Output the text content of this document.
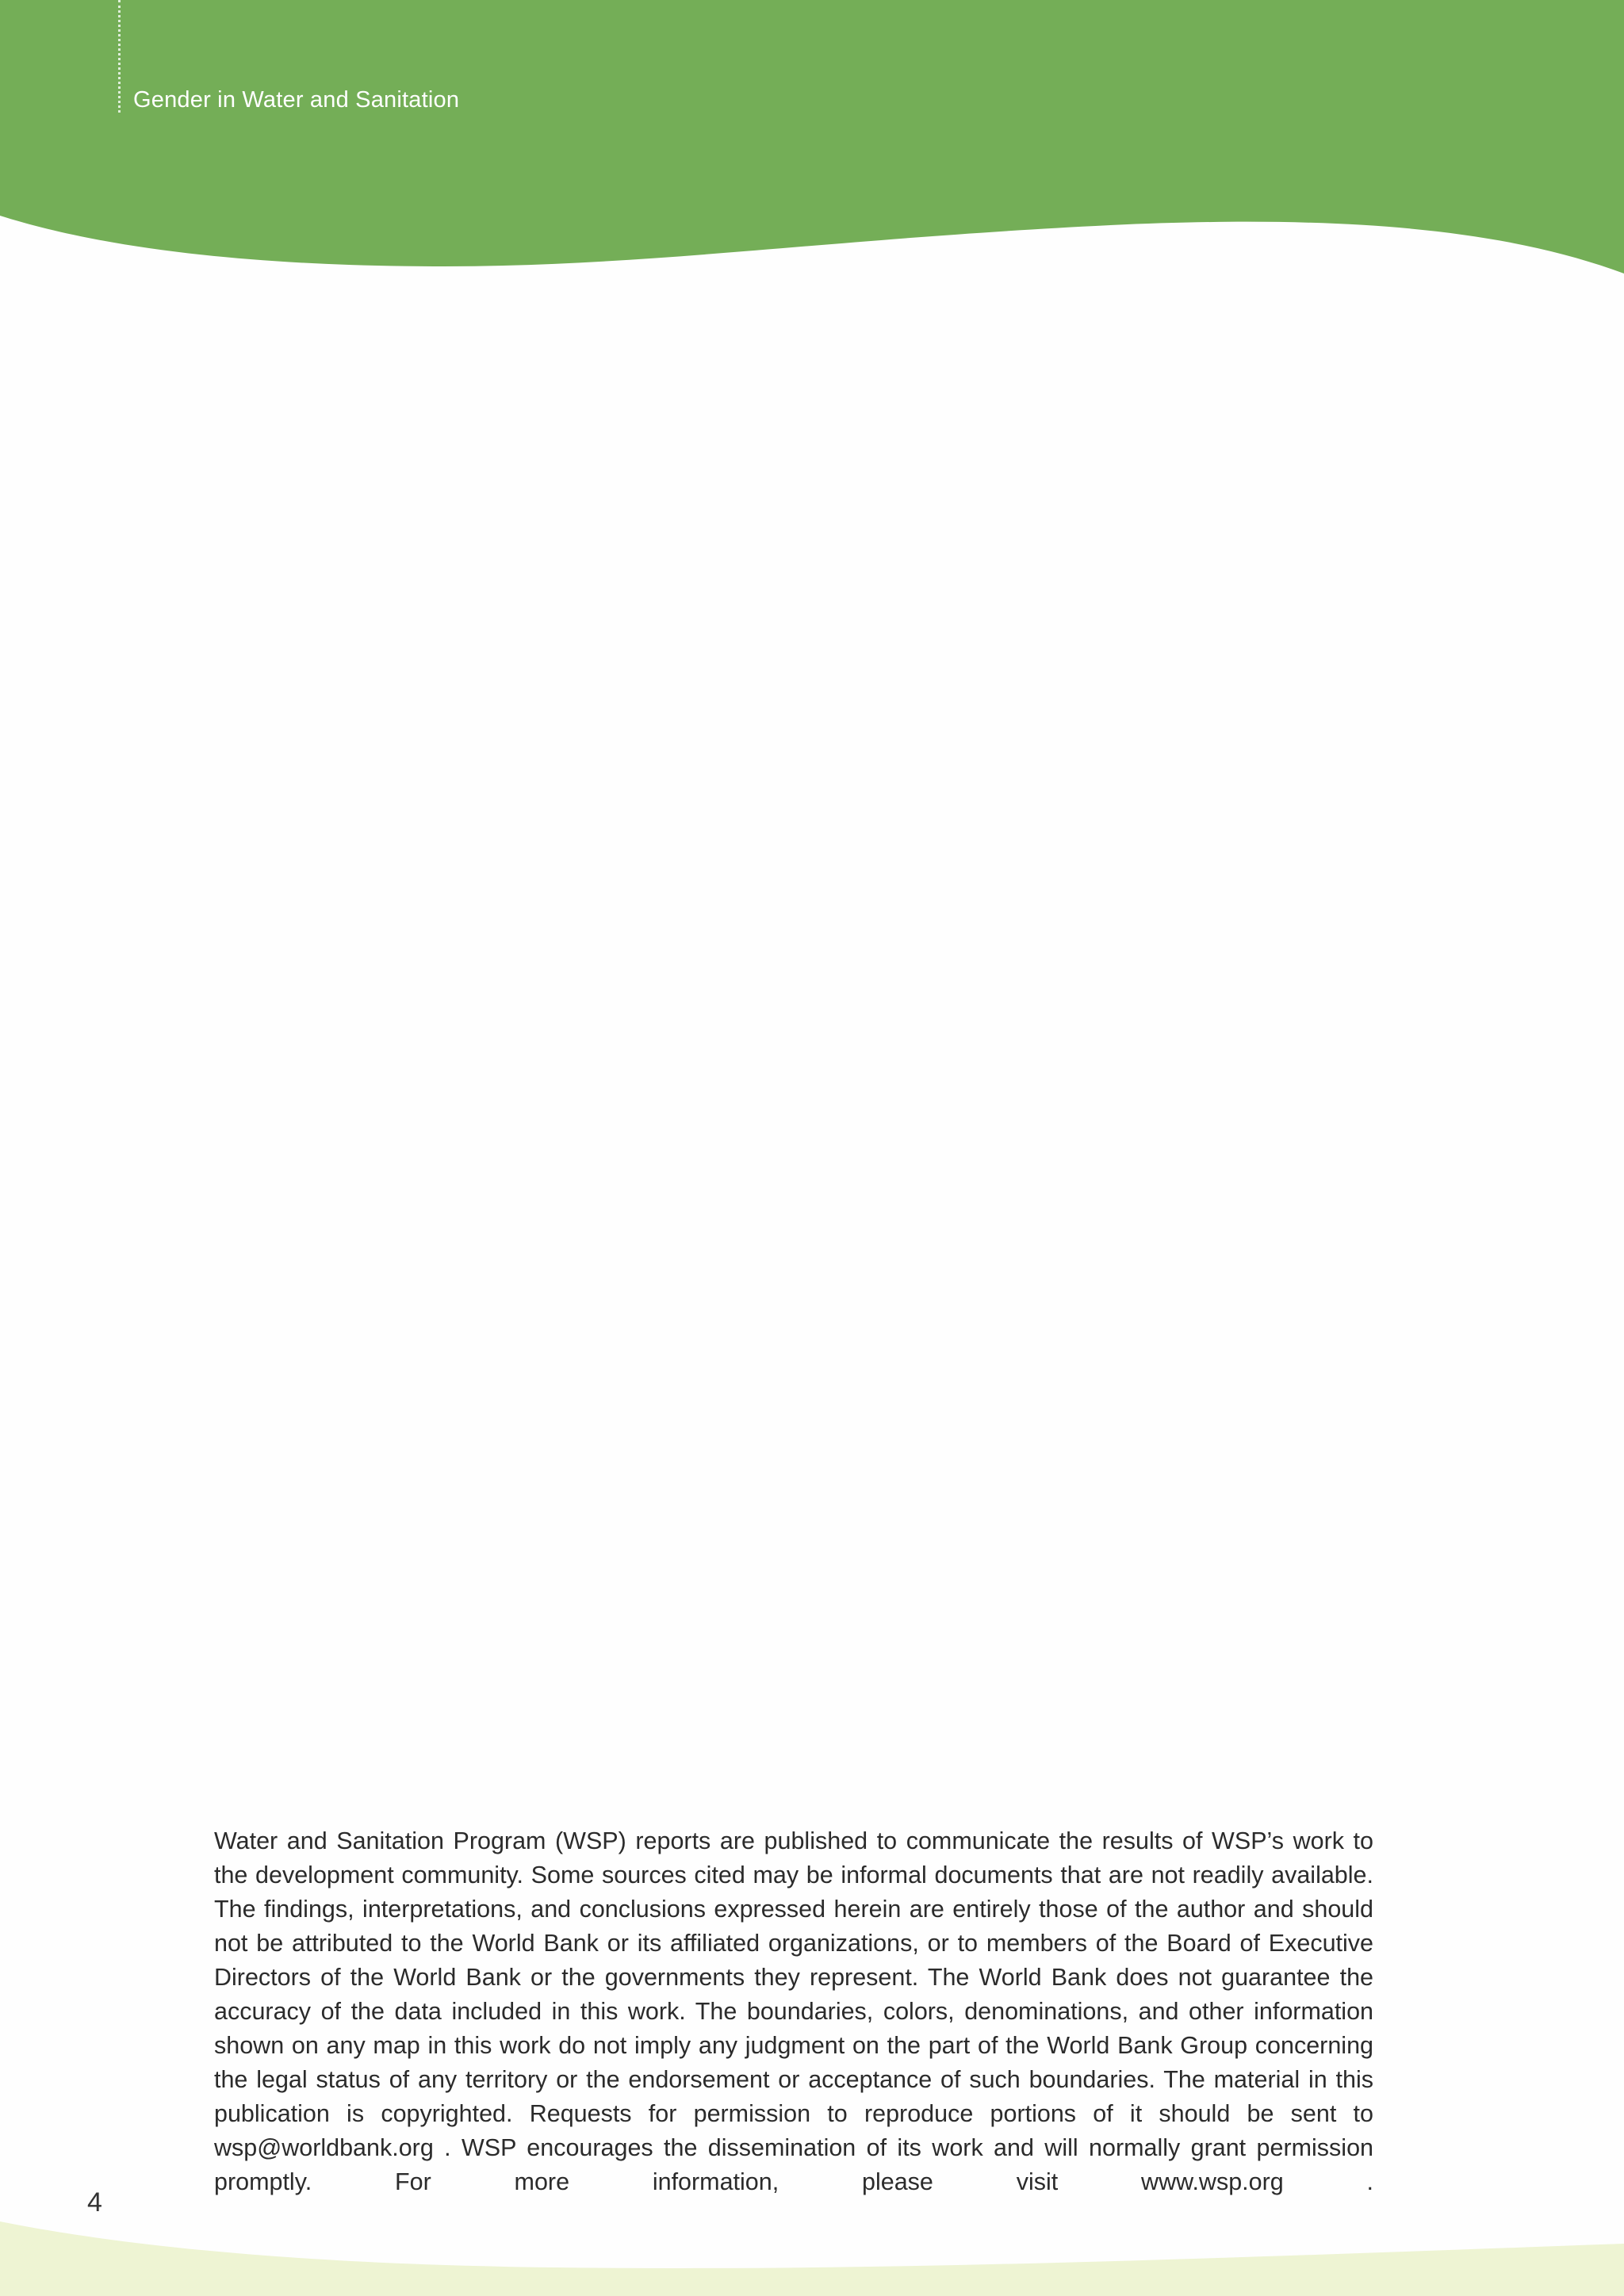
Gender in Water and Sanitation

Water and Sanitation Program (WSP) reports are published to communicate the results of WSP’s work to the development community. Some sources cited may be informal documents that are not readily available. The findings, interpretations, and conclusions expressed herein are entirely those of the author and should not be attributed to the World Bank or its affiliated organizations, or to members of the Board of Executive Directors of the World Bank or the governments they represent. The World Bank does not guarantee the accuracy of the data included in this work. The boundaries, colors, denominations, and other information shown on any map in this work do not imply any judgment on the part of the World Bank Group concerning the legal status of any territory or the endorsement or acceptance of such boundaries. The material in this publication is copyrighted. Requests for permission to reproduce portions of it should be sent to wsp@worldbank.org . WSP encourages the dissemination of its work and will normally grant permission promptly. For more information, please visit www.wsp.org .

4
